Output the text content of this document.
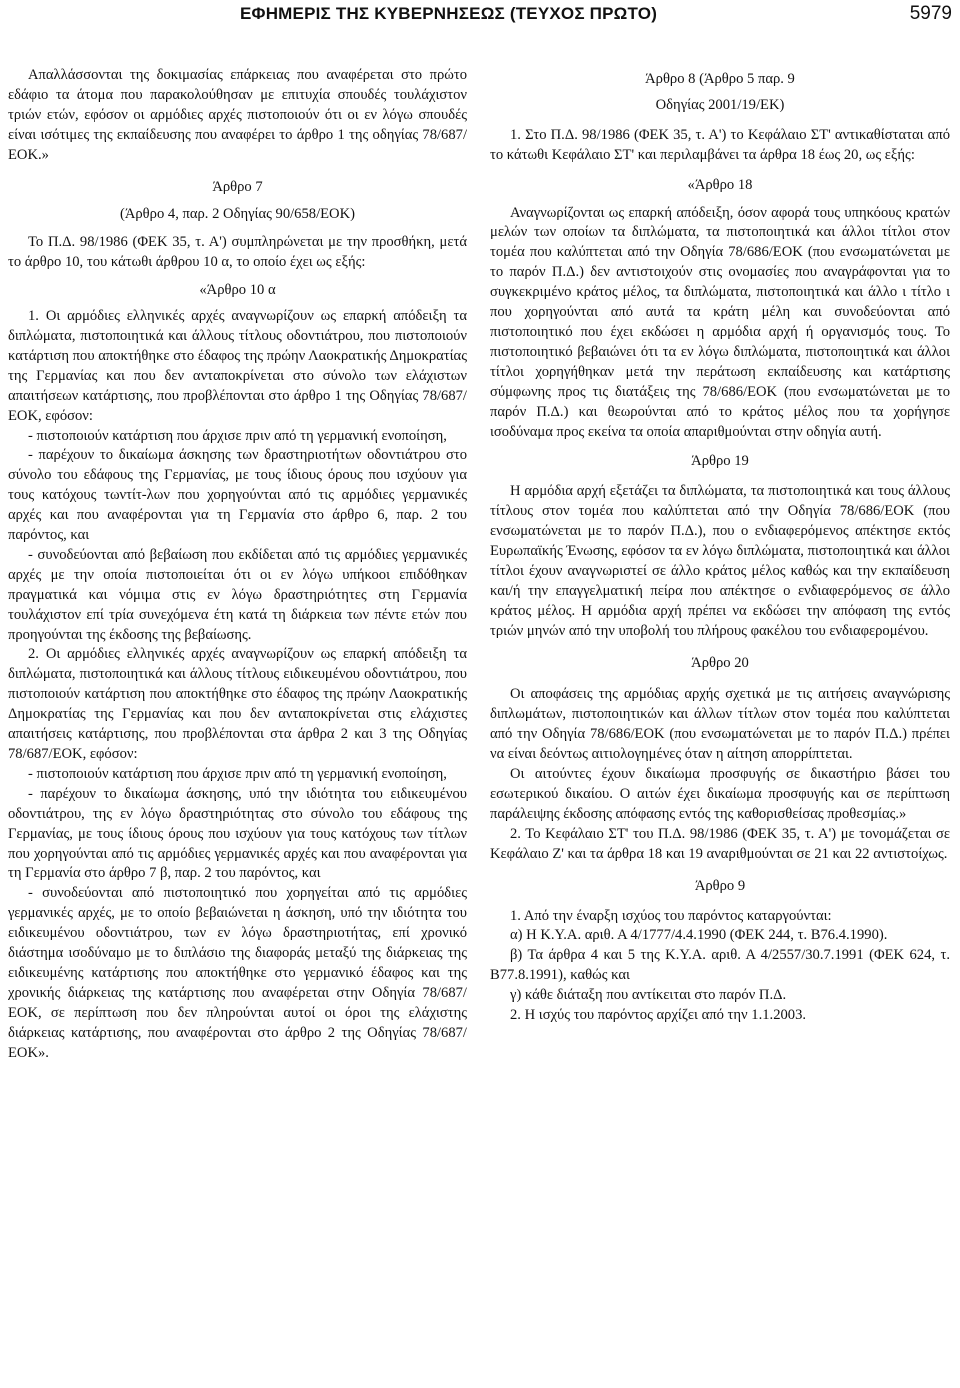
ΕΦΗΜΕΡΙΣ ΤΗΣ ΚΥΒΕΡΝΗΣΕΩΣ (ΤΕΥΧΟΣ ΠΡΩΤΟ)	5979

Απαλλάσσονται της δοκιμασίας επάρκειας που αναφέρεται στο πρώτο εδάφιο τα άτομα που παρακολούθησαν με επιτυχία σπουδές τουλάχιστον τριών ετών, εφόσον οι αρμόδιες αρχές πιστοποιούν ότι οι εν λόγω σπουδές είναι ισότιμες της εκπαίδευσης που αναφέρει το άρθρο 1 της οδηγίας 78/687/ΕΟΚ.»

Άρθρο 7

(Άρθρο 4, παρ. 2 Οδηγίας 90/658/ΕΟΚ)

Το Π.Δ. 98/1986 (ΦΕΚ 35, τ. Α') συμπληρώνεται με την προσθήκη, μετά το άρθρο 10, του κάτωθι άρθρου 10 α, το οποίο έχει ως εξής:

«Άρθρο 10 α

1. Οι αρμόδιες ελληνικές αρχές αναγνωρίζουν ως επαρκή απόδειξη τα διπλώματα, πιστοποιητικά και άλλους τίτλους οδοντιάτρου, που πιστοποιούν κατάρτιση που αποκτήθηκε στο έδαφος της πρώην Λαοκρατικής Δημοκρατίας της Γερμανίας και που δεν ανταποκρίνεται στο σύνολο των ελάχιστων απαιτήσεων κατάρτισης, που προβλέπονται στο άρθρο 1 της Οδηγίας 78/687/ΕΟΚ, εφόσον:

- πιστοποιούν κατάρτιση που άρχισε πριν από τη γερμανική ενοποίηση,

- παρέχουν το δικαίωμα άσκησης των δραστηριοτήτων οδοντιάτρου στο σύνολο του εδάφους της Γερμανίας, με τους ίδιους όρους που ισχύουν για τους κατόχους τωντίτ-λων που χορηγούνται από τις αρμόδιες γερμανικές αρχές και που αναφέρονται για τη Γερμανία στο άρθρο 6, παρ. 2 του παρόντος, και

- συνοδεύονται από βεβαίωση που εκδίδεται από τις αρμόδιες γερμανικές αρχές με την οποία πιστοποιείται ότι οι εν λόγω υπήκοοι επιδόθηκαν πραγματικά και νόμιμα στις εν λόγω δραστηριότητες στη Γερμανία τουλάχιστον επί τρία συνεχόμενα έτη κατά τη διάρκεια των πέντε ετών που προηγούνται της έκδοσης της βεβαίωσης.

2. Οι αρμόδιες ελληνικές αρχές αναγνωρίζουν ως επαρκή απόδειξη τα διπλώματα, πιστοποιητικά και άλλους τίτλους ειδικευμένου οδοντιάτρου, που πιστοποιούν κατάρτιση που αποκτήθηκε στο έδαφος της πρώην Λαοκρατικής Δημοκρατίας της Γερμανίας και που δεν ανταποκρίνεται στις ελάχιστες απαιτήσεις κατάρτισης, που προβλέπονται στα άρθρα 2 και 3 της Οδηγίας 78/687/ΕΟΚ, εφόσον:

- πιστοποιούν κατάρτιση που άρχισε πριν από τη γερμανική ενοποίηση,

- παρέχουν το δικαίωμα άσκησης, υπό την ιδιότητα του ειδικευμένου οδοντιάτρου, της εν λόγω δραστηριότητας στο σύνολο του εδάφους της Γερμανίας, με τους ίδιους όρους που ισχύουν για τους κατόχους των τίτλων που χορηγούνται από τις αρμόδιες γερμανικές αρχές και που αναφέρονται για τη Γερμανία στο άρθρο 7 β, παρ. 2 του παρόντος, και

- συνοδεύονται από πιστοποιητικό που χορηγείται από τις αρμόδιες γερμανικές αρχές, με το οποίο βεβαιώνεται η άσκηση, υπό την ιδιότητα του ειδικευμένου οδοντιάτρου, των εν λόγω δραστηριοτήτας, επί χρονικό διάστημα ισοδύναμο με το διπλάσιο της διαφοράς μεταξύ της διάρκειας της ειδικευμένης κατάρτισης που αποκτήθηκε στο γερμανικό έδαφος και της χρονικής διάρκειας της κατάρτισης που αναφέρεται στην Οδηγία 78/687/ΕΟΚ, σε περίπτωση που δεν πληρούνται αυτοί οι όροι της ελάχιστης διάρκειας κατάρτισης, που αναφέρονται στο άρθρο 2 της Οδηγίας 78/687/ΕΟΚ».

Άρθρο 8 (Άρθρο 5 παρ. 9

Οδηγίας 2001/19/ΕΚ)

1. Στο Π.Δ. 98/1986 (ΦΕΚ 35, τ. Α') το Κεφάλαιο ΣΤ' αντικαθίσταται από το κάτωθι Κεφάλαιο ΣΤ' και περιλαμβάνει τα άρθρα 18 έως 20, ως εξής:

«Άρθρο 18

Αναγνωρίζονται ως επαρκή απόδειξη, όσον αφορά τους υπηκόους κρατών μελών των οποίων τα διπλώματα, τα πιστοποιητικά και άλλοι τίτλοι στον τομέα που καλύπτεται από την Οδηγία 78/686/ΕΟΚ (που ενσωματώνεται με το παρόν Π.Δ.) δεν αντιστοιχούν στις ονομασίες που αναγράφονται για το συγκεκριμένο κράτος μέλος, τα διπλώματα, πιστοποιητικά και άλλο ι τίτλο ι που χορηγούνται από αυτά τα κράτη μέλη και συνοδεύονται από πιστοποιητικό που έχει εκδώσει η αρμόδια αρχή ή οργανισμός τους. Το πιστοποιητικό βεβαιώνει ότι τα εν λόγω διπλώματα, πιστοποιητικά και άλλοι τίτλοι χορηγήθηκαν μετά την περάτωση εκπαίδευσης και κατάρτισης σύμφωνης προς τις διατάξεις της 78/686/ΕΟΚ (που ενσωματώνεται με το παρόν Π.Δ.) και θεωρούνται από το κράτος μέλος που τα χορήγησε ισοδύναμα προς εκείνα τα οποία απαριθμούνται στην οδηγία αυτή.

Άρθρο 19

Η αρμόδια αρχή εξετάζει τα διπλώματα, τα πιστοποιητικά και τους άλλους τίτλους στον τομέα που καλύπτεται από την Οδηγία 78/686/ΕΟΚ (που ενσωματώνεται με το παρόν Π.Δ.), που ο ενδιαφερόμενος απέκτησε εκτός Ευρωπαϊκής Ένωσης, εφόσον τα εν λόγω διπλώματα, πιστοποιητικά και άλλοι τίτλοι έχουν αναγνωριστεί σε άλλο κράτος μέλος καθώς και την εκπαίδευση και/ή την επαγγελματική πείρα που απέκτησε ο ενδιαφερόμενος σε άλλο κράτος μέλος. Η αρμόδια αρχή πρέπει να εκδώσει την απόφαση της εντός τριών μηνών από την υποβολή του πλήρους φακέλου του ενδιαφερομένου.

Άρθρο 20

Οι αποφάσεις της αρμόδιας αρχής σχετικά με τις αιτήσεις αναγνώρισης διπλωμάτων, πιστοποιητικών και άλλων τίτλων στον τομέα που καλύπτεται από την Οδηγία 78/686/ΕΟΚ (που ενσωματώνεται με το παρόν Π.Δ.) πρέπει να είναι δεόντως αιτιολογημένες όταν η αίτηση απορρίπτεται.

Οι αιτούντες έχουν δικαίωμα προσφυγής σε δικαστήριο βάσει του εσωτερικού δικαίου. Ο αιτών έχει δικαίωμα προσφυγής και σε περίπτωση παράλειψης έκδοσης απόφασης εντός της καθορισθείσας προθεσμίας.»

2. Το Κεφάλαιο ΣΤ' του Π.Δ. 98/1986 (ΦΕΚ 35, τ. Α') με τονομάζεται σε Κεφάλαιο Ζ' και τα άρθρα 18 και 19 αναριθμούνται σε 21 και 22 αντιστοίχως.

Άρθρο 9

1. Από την έναρξη ισχύος του παρόντος καταργούνται:

α) Η Κ.Υ.Α. αριθ. Α 4/1777/4.4.1990 (ΦΕΚ 244, τ. Β76.4.1990).

β) Τα άρθρα 4 και 5 της Κ.Υ.Α. αριθ. Α 4/2557/30.7.1991 (ΦΕΚ 624, τ. Β77.8.1991), καθώς και

γ) κάθε διάταξη που αντίκειται στο παρόν Π.Δ.

2. Η ισχύς του παρόντος αρχίζει από την 1.1.2003.
